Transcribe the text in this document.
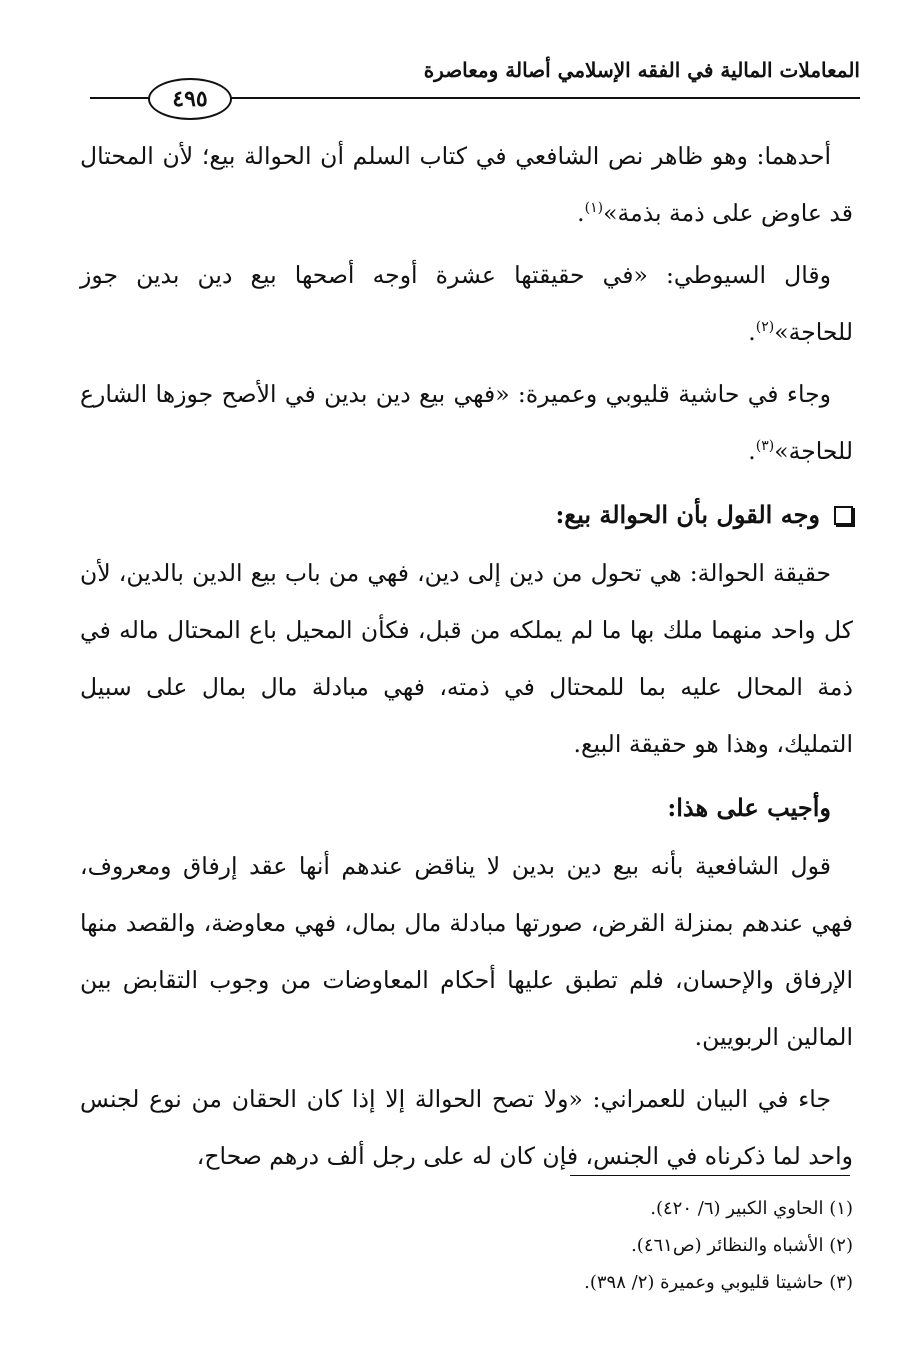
المعاملات المالية في الفقه الإسلامي أصالة ومعاصرة
٤٩٥

أحدهما: وهو ظاهر نص الشافعي في كتاب السلم أن الحوالة بيع؛ لأن المحتال قد عاوض على ذمة بذمة»$^{(١)}$.

وقال السيوطي: «في حقيقتها عشرة أوجه أصحها بيع دين بدين جوز للحاجة»$^{(٢)}$.

وجاء في حاشية قليوبي وعميرة: «فهي بيع دين بدين في الأصح جوزها الشارع للحاجة»$^{(٣)}$.

وجه القول بأن الحوالة بيع:

حقيقة الحوالة: هي تحول من دين إلى دين، فهي من باب بيع الدين بالدين، لأن كل واحد منهما ملك بها ما لم يملكه من قبل، فكأن المحيل باع المحتال ماله في ذمة المحال عليه بما للمحتال في ذمته، فهي مبادلة مال بمال على سبيل التمليك، وهذا هو حقيقة البيع.

وأجيب على هذا:

قول الشافعية بأنه بيع دين بدين لا يناقض عندهم أنها عقد إرفاق ومعروف، فهي عندهم بمنزلة القرض، صورتها مبادلة مال بمال، فهي معاوضة، والقصد منها الإرفاق والإحسان، فلم تطبق عليها أحكام المعاوضات من وجوب التقابض بين المالين الربويين.

جاء في البيان للعمراني: «ولا تصح الحوالة إلا إذا كان الحقان من نوع لجنس واحد لما ذكرناه في الجنس، فإن كان له على رجل ألف درهم صحاح،

(١) الحاوي الكبير (٦/ ٤٢٠).
(٢) الأشباه والنظائر (ص٤٦١).
(٣) حاشيتا قليوبي وعميرة (٢/ ٣٩٨).
